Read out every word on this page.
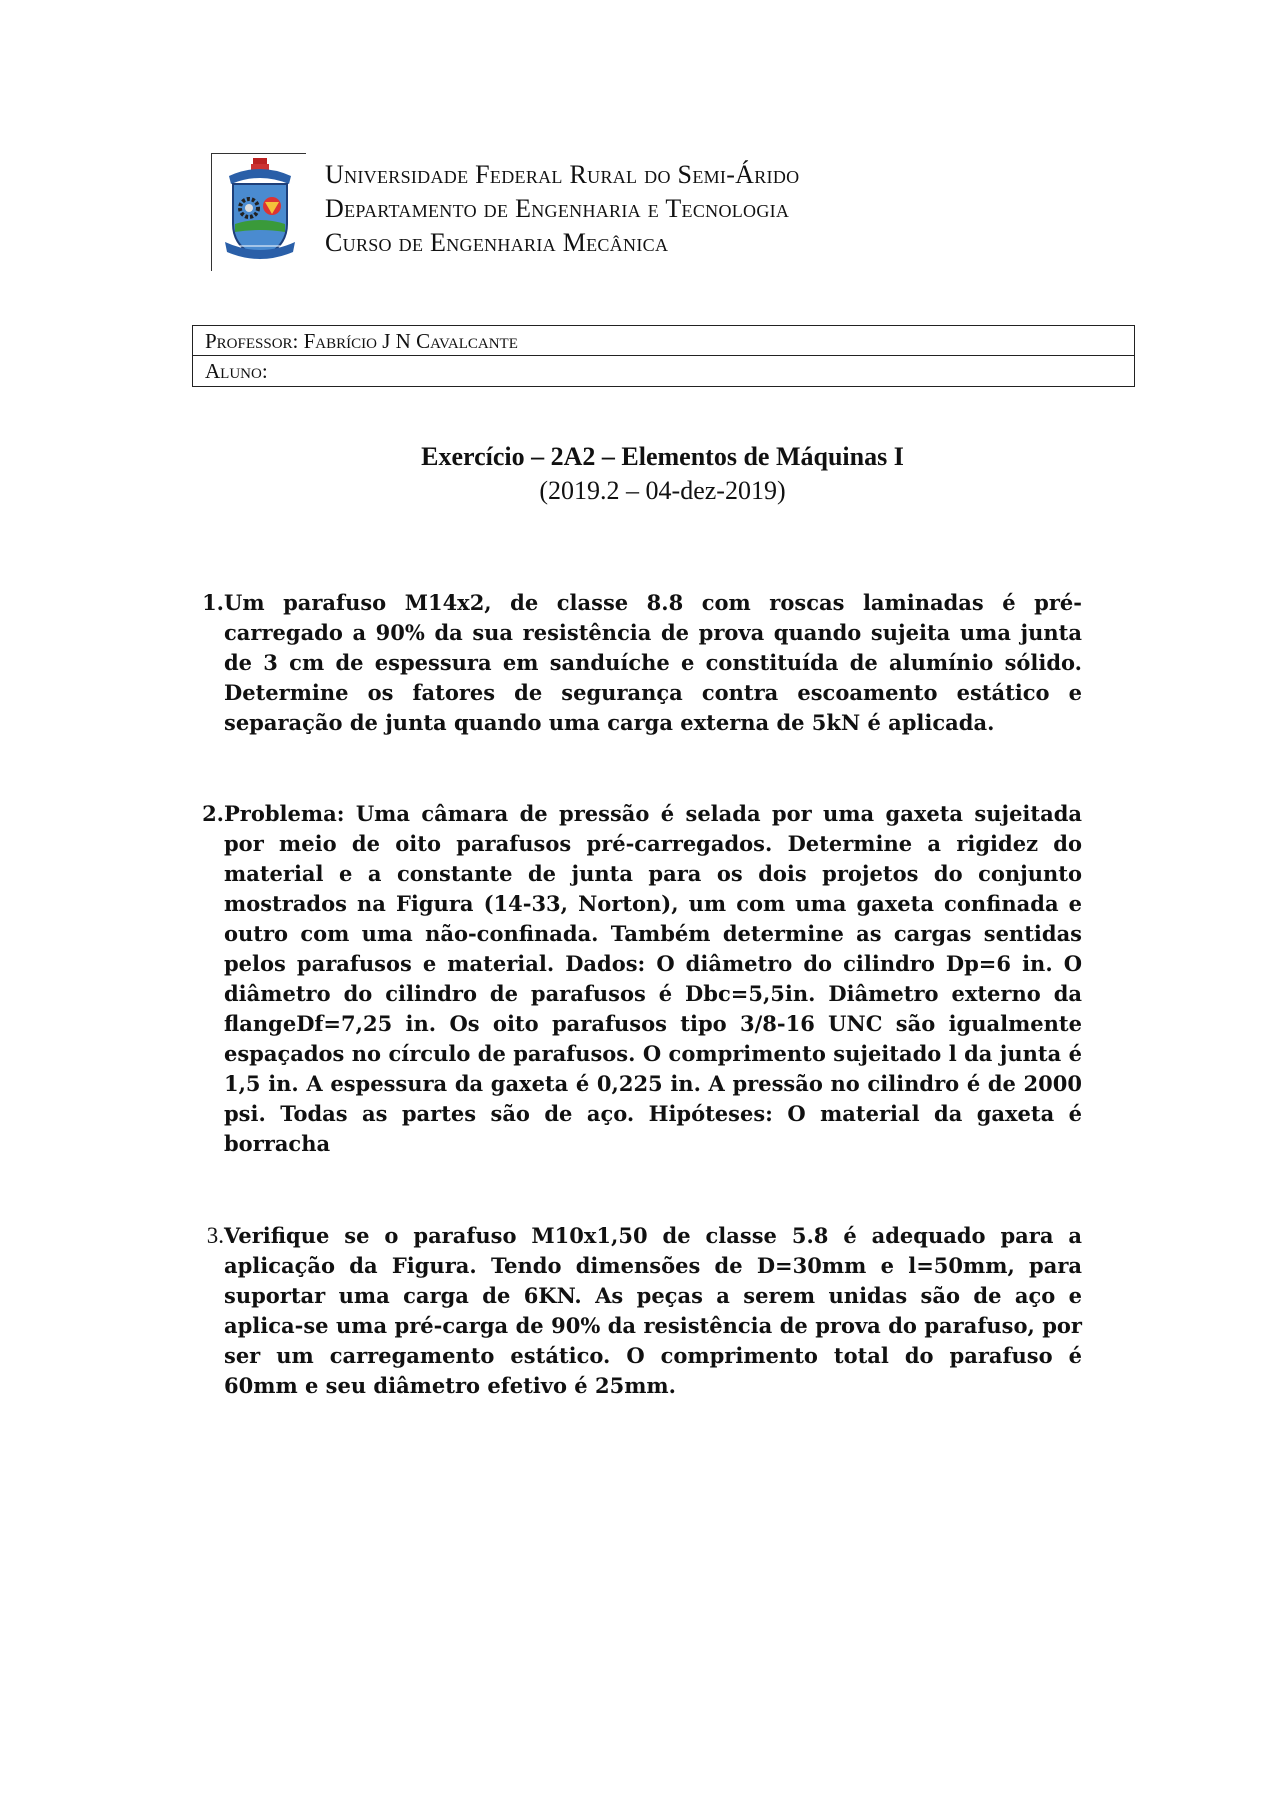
Universidade Federal Rural do Semi-Árido
Departamento de Engenharia e Tecnologia
Curso de Engenharia Mecânica
Professor: Fabrício J N Cavalcante
Aluno:
Exercício – 2A2 – Elementos de Máquinas I
(2019.2 – 04-dez-2019)
1. Um parafuso M14x2, de classe 8.8 com roscas laminadas é pré-carregado a 90% da sua resistência de prova quando sujeita uma junta de 3 cm de espessura em sanduíche e constituída de alumínio sólido. Determine os fatores de segurança contra escoamento estático e separação de junta quando uma carga externa de 5kN é aplicada.
2. Problema: Uma câmara de pressão é selada por uma gaxeta sujeitada por meio de oito parafusos pré-carregados. Determine a rigidez do material e a constante de junta para os dois projetos do conjunto mostrados na Figura (14-33, Norton), um com uma gaxeta confinada e outro com uma não-confinada. Também determine as cargas sentidas pelos parafusos e material. Dados: O diâmetro do cilindro Dp=6 in. O diâmetro do cilindro de parafusos é Dbc=5,5in. Diâmetro externo da flangeDf=7,25 in. Os oito parafusos tipo 3/8-16 UNC são igualmente espaçados no círculo de parafusos. O comprimento sujeitado l da junta é 1,5 in. A espessura da gaxeta é 0,225 in. A pressão no cilindro é de 2000 psi. Todas as partes são de aço. Hipóteses: O material da gaxeta é borracha
3. Verifique se o parafuso M10x1,50 de classe 5.8 é adequado para a aplicação da Figura. Tendo dimensões de D=30mm e l=50mm, para suportar uma carga de 6KN. As peças a serem unidas são de aço e aplica-se uma pré-carga de 90% da resistência de prova do parafuso, por ser um carregamento estático. O comprimento total do parafuso é 60mm e seu diâmetro efetivo é 25mm.
